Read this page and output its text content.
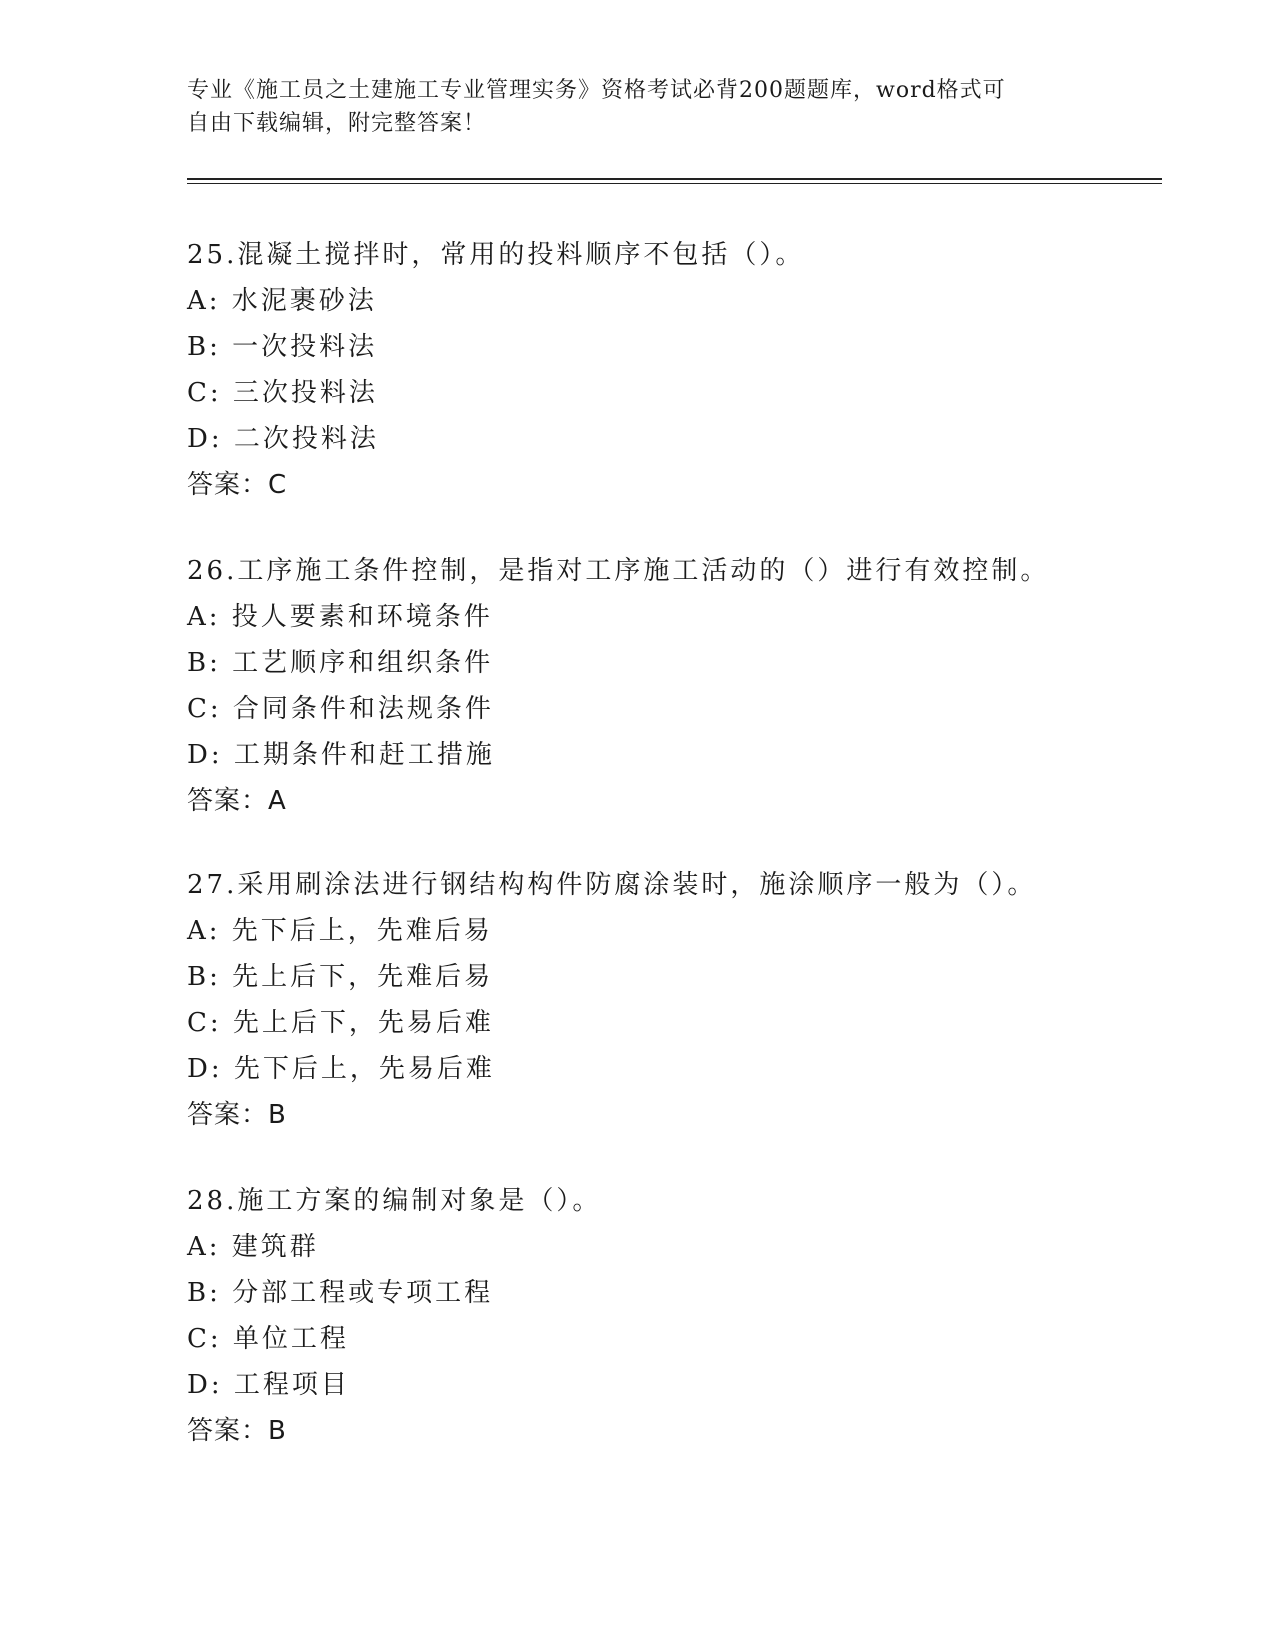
专业《施工员之土建施工专业管理实务》资格考试必背200题题库，word格式可
自由下载编辑，附完整答案！
25.混凝土搅拌时，常用的投料顺序不包括（）。
A: 水泥裹砂法
B: 一次投料法
C: 三次投料法
D: 二次投料法
答案：C
26.工序施工条件控制，是指对工序施工活动的（）进行有效控制。
A: 投人要素和环境条件
B: 工艺顺序和组织条件
C: 合同条件和法规条件
D: 工期条件和赶工措施
答案：A
27.采用刷涂法进行钢结构构件防腐涂装时，施涂顺序一般为（）。
A: 先下后上，先难后易
B: 先上后下，先难后易
C: 先上后下，先易后难
D: 先下后上，先易后难
答案：B
28.施工方案的编制对象是（）。
A: 建筑群
B: 分部工程或专项工程
C: 单位工程
D: 工程项目
答案：B
